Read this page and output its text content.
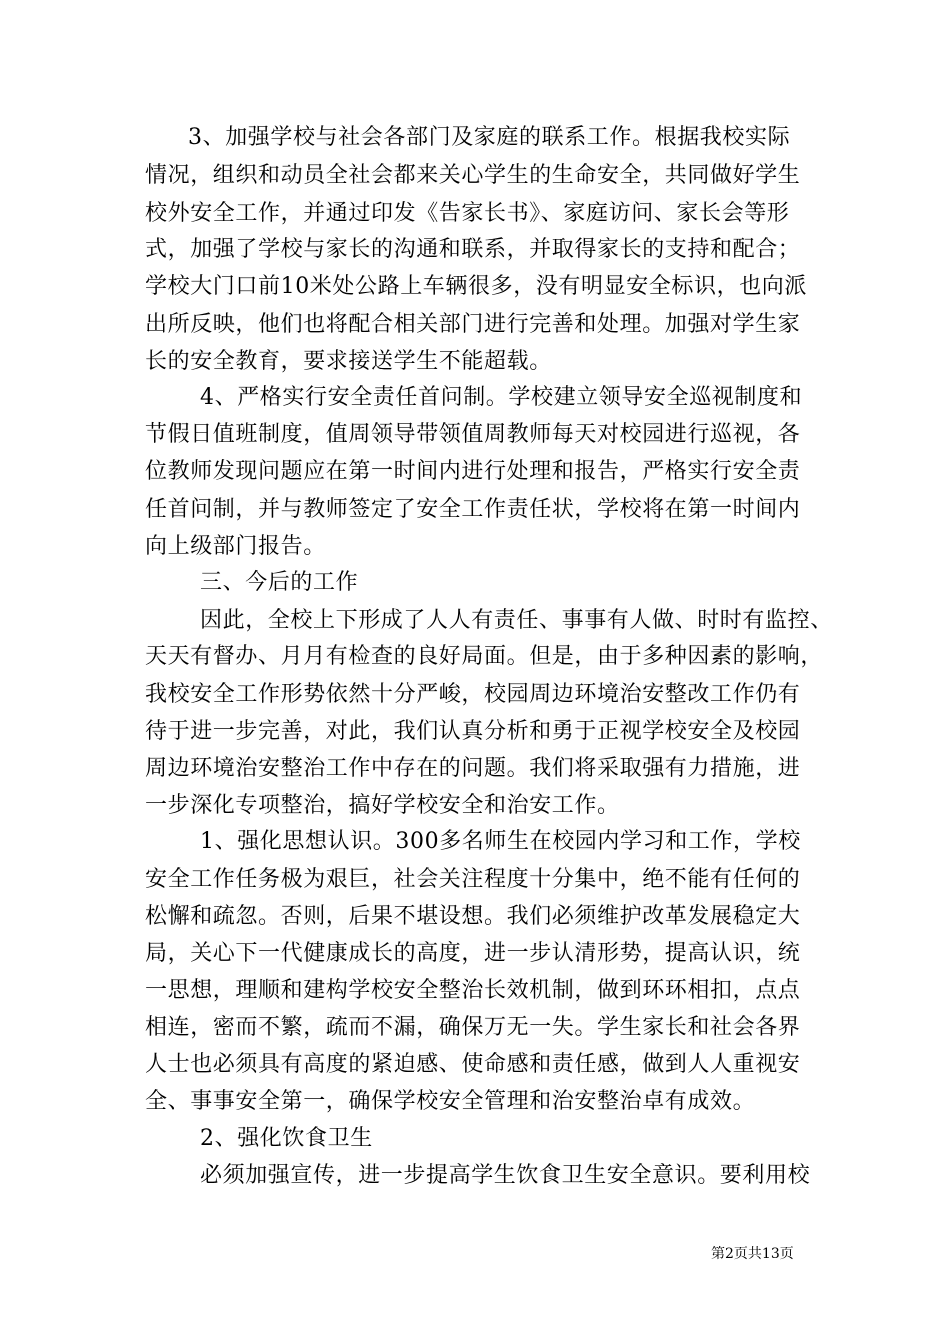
3、加强学校与社会各部门及家庭的联系工作。根据我校实际
情况，组织和动员全社会都来关心学生的生命安全，共同做好学生
校外安全工作，并通过印发《告家长书》、家庭访问、家长会等形
式，加强了学校与家长的沟通和联系，并取得家长的支持和配合；
学校大门口前10米处公路上车辆很多，没有明显安全标识，也向派
出所反映，他们也将配合相关部门进行完善和处理。加强对学生家
长的安全教育，要求接送学生不能超载。
4、严格实行安全责任首问制。学校建立领导安全巡视制度和
节假日值班制度，值周领导带领值周教师每天对校园进行巡视，各
位教师发现问题应在第一时间内进行处理和报告，严格实行安全责
任首问制，并与教师签定了安全工作责任状，学校将在第一时间内
向上级部门报告。
三、今后的工作
因此，全校上下形成了人人有责任、事事有人做、时时有监控、
天天有督办、月月有检查的良好局面。但是，由于多种因素的影响，
我校安全工作形势依然十分严峻，校园周边环境治安整改工作仍有
待于进一步完善，对此，我们认真分析和勇于正视学校安全及校园
周边环境治安整治工作中存在的问题。我们将采取强有力措施，进
一步深化专项整治，搞好学校安全和治安工作。
1、强化思想认识。300多名师生在校园内学习和工作，学校
安全工作任务极为艰巨，社会关注程度十分集中，绝不能有任何的
松懈和疏忽。否则，后果不堪设想。我们必须维护改革发展稳定大
局，关心下一代健康成长的高度，进一步认清形势，提高认识，统
一思想，理顺和建构学校安全整治长效机制，做到环环相扣，点点
相连，密而不繁，疏而不漏，确保万无一失。学生家长和社会各界
人士也必须具有高度的紧迫感、使命感和责任感，做到人人重视安
全、事事安全第一，确保学校安全管理和治安整治卓有成效。
2、强化饮食卫生
必须加强宣传，进一步提高学生饮食卫生安全意识。要利用校
第2页共13页
